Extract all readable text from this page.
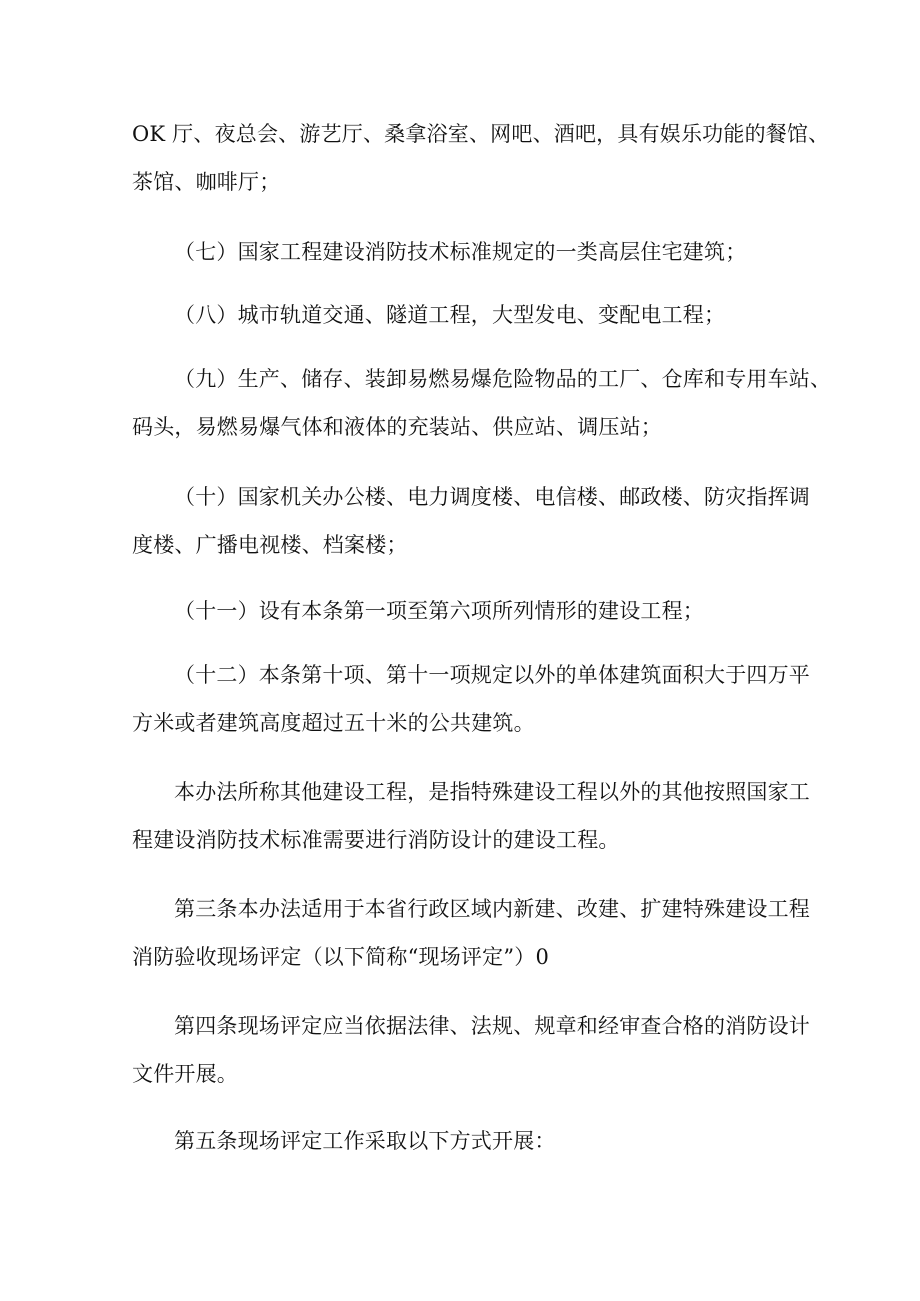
OK 厅、夜总会、游艺厅、桑拿浴室、网吧、酒吧，具有娱乐功能的餐馆、
茶馆、咖啡厅；

（七）国家工程建设消防技术标准规定的一类高层住宅建筑；

（八）城市轨道交通、隧道工程，大型发电、变配电工程；

（九）生产、储存、装卸易燃易爆危险物品的工厂、仓库和专用车站、
码头，易燃易爆气体和液体的充装站、供应站、调压站；

（十）国家机关办公楼、电力调度楼、电信楼、邮政楼、防灾指挥调
度楼、广播电视楼、档案楼；

（十一）设有本条第一项至第六项所列情形的建设工程；

（十二）本条第十项、第十一项规定以外的单体建筑面积大于四万平
方米或者建筑高度超过五十米的公共建筑。

本办法所称其他建设工程，是指特殊建设工程以外的其他按照国家工
程建设消防技术标准需要进行消防设计的建设工程。

第三条本办法适用于本省行政区域内新建、改建、扩建特殊建设工程
消防验收现场评定（以下简称“现场评定”）0

第四条现场评定应当依据法律、法规、规章和经审查合格的消防设计
文件开展。

第五条现场评定工作采取以下方式开展：
